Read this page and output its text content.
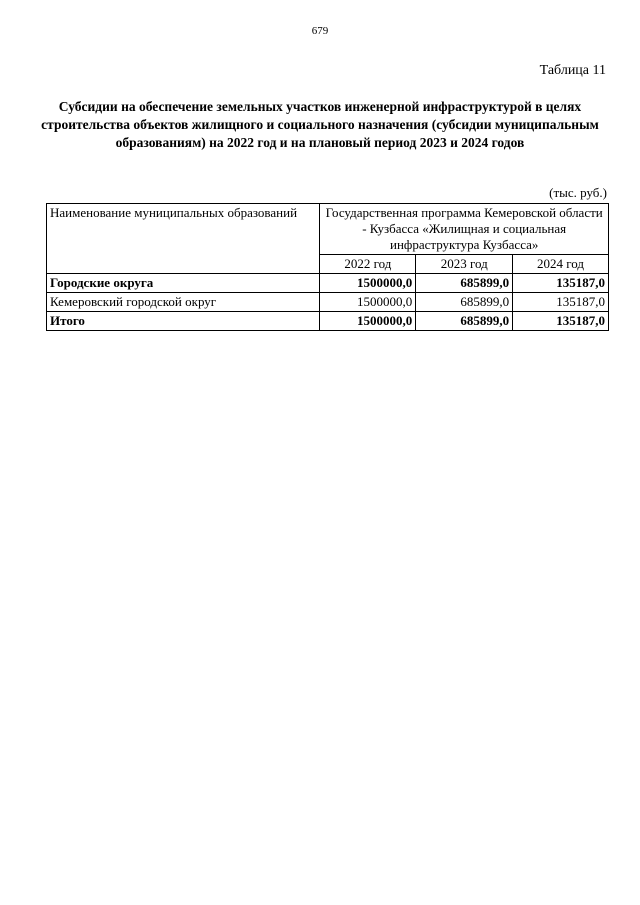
679
Таблица 11
Субсидии на обеспечение земельных участков инженерной инфраструктурой в целях строительства объектов жилищного и социального назначения (субсидии муниципальным образованиям) на 2022 год и на плановый период 2023 и 2024 годов
(тыс. руб.)
Наименование муниципальных образований	Государственная программа Кемеровской области - Кузбасса «Жилищная и социальная инфраструктура Кузбасса»		
	2022 год	2023 год	2024 год
Городские округа	1500000,0	685899,0	135187,0
Кемеровский городской округ	1500000,0	685899,0	135187,0
Итого	1500000,0	685899,0	135187,0
